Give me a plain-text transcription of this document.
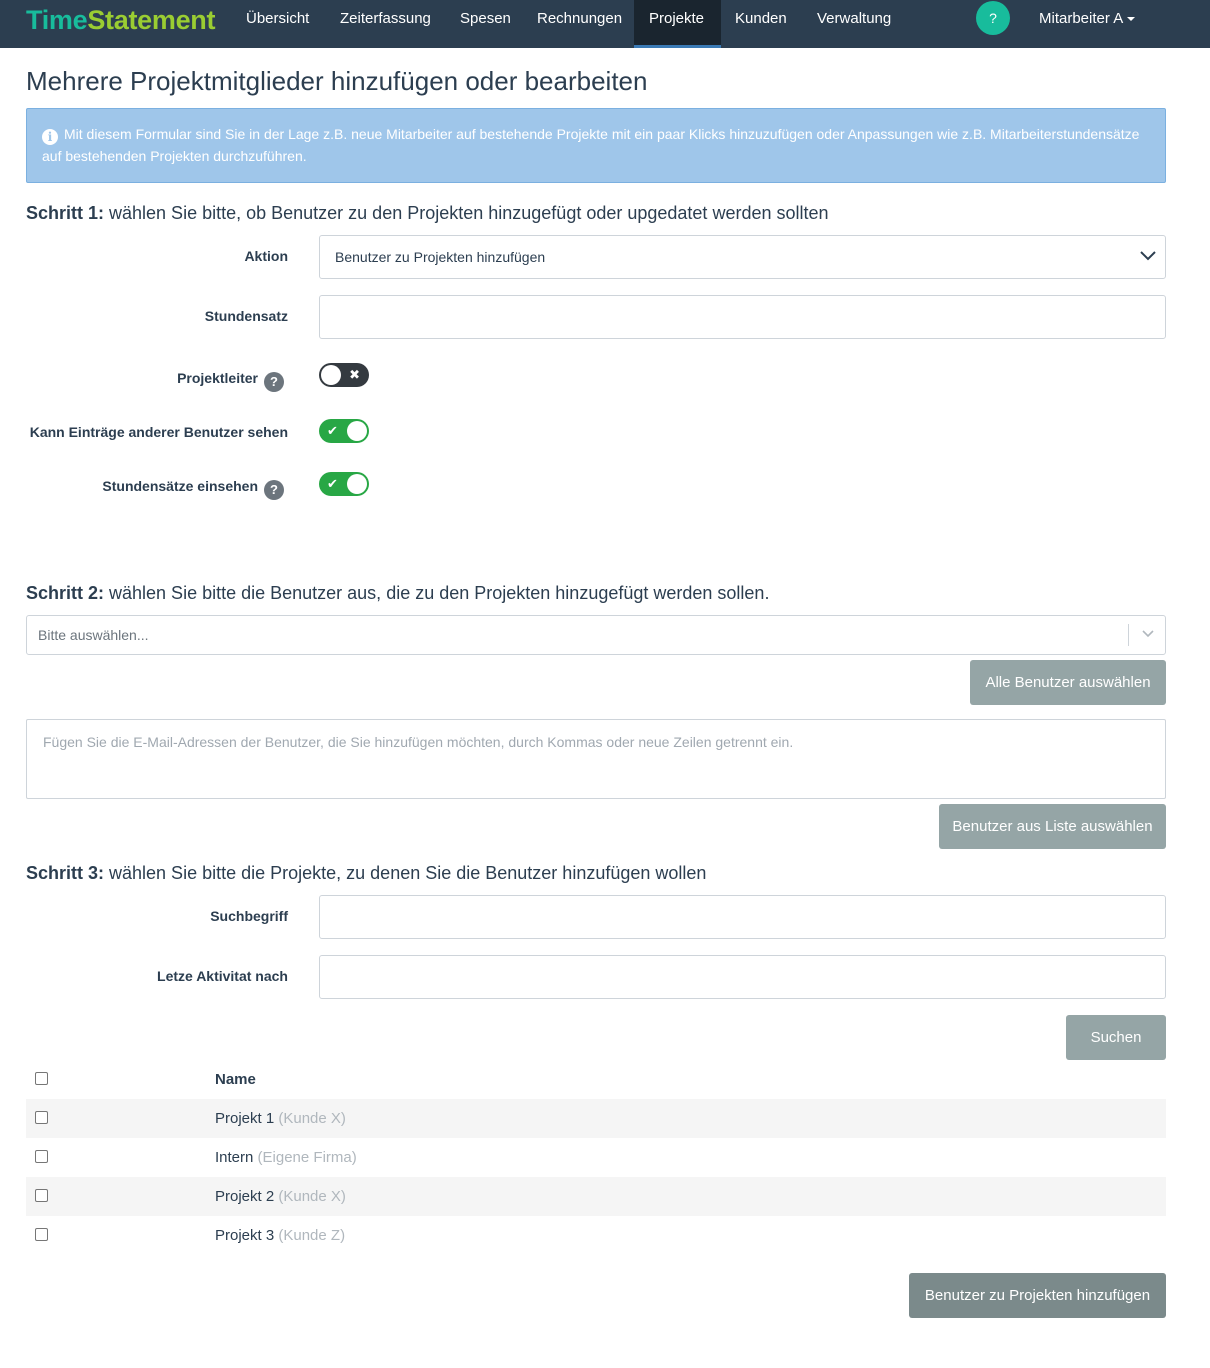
TimeStatement	Übersicht	Zeiterfassung	Spesen	Rechnungen	Projekte	Kunden	Verwaltung	?	Mitarbeiter A
Mehrere Projektmitglieder hinzufügen oder bearbeiten
i Mit diesem Formular sind Sie in der Lage z.B. neue Mitarbeiter auf bestehende Projekte mit ein paar Klicks hinzuzufügen oder Anpassungen wie z.B. Mitarbeiterstundensätze auf bestehenden Projekten durchzuführen.
Schritt 1: wählen Sie bitte, ob Benutzer zu den Projekten hinzugefügt oder upgedatet werden sollten
Aktion	Benutzer zu Projekten hinzufügen
Stundensatz
Projektleiter ?	✖
Kann Einträge anderer Benutzer sehen	✔
Stundensätze einsehen ?	✔
Schritt 2: wählen Sie bitte die Benutzer aus, die zu den Projekten hinzugefügt werden sollen.
Bitte auswählen...
Alle Benutzer auswählen
Fügen Sie die E-Mail-Adressen der Benutzer, die Sie hinzufügen möchten, durch Kommas oder neue Zeilen getrennt ein.
Benutzer aus Liste auswählen
Schritt 3: wählen Sie bitte die Projekte, zu denen Sie die Benutzer hinzufügen wollen
Suchbegriff
Letze Aktivitat nach
Suchen
Name
Projekt 1 (Kunde X)
Intern (Eigene Firma)
Projekt 2 (Kunde X)
Projekt 3 (Kunde Z)
Benutzer zu Projekten hinzufügen
